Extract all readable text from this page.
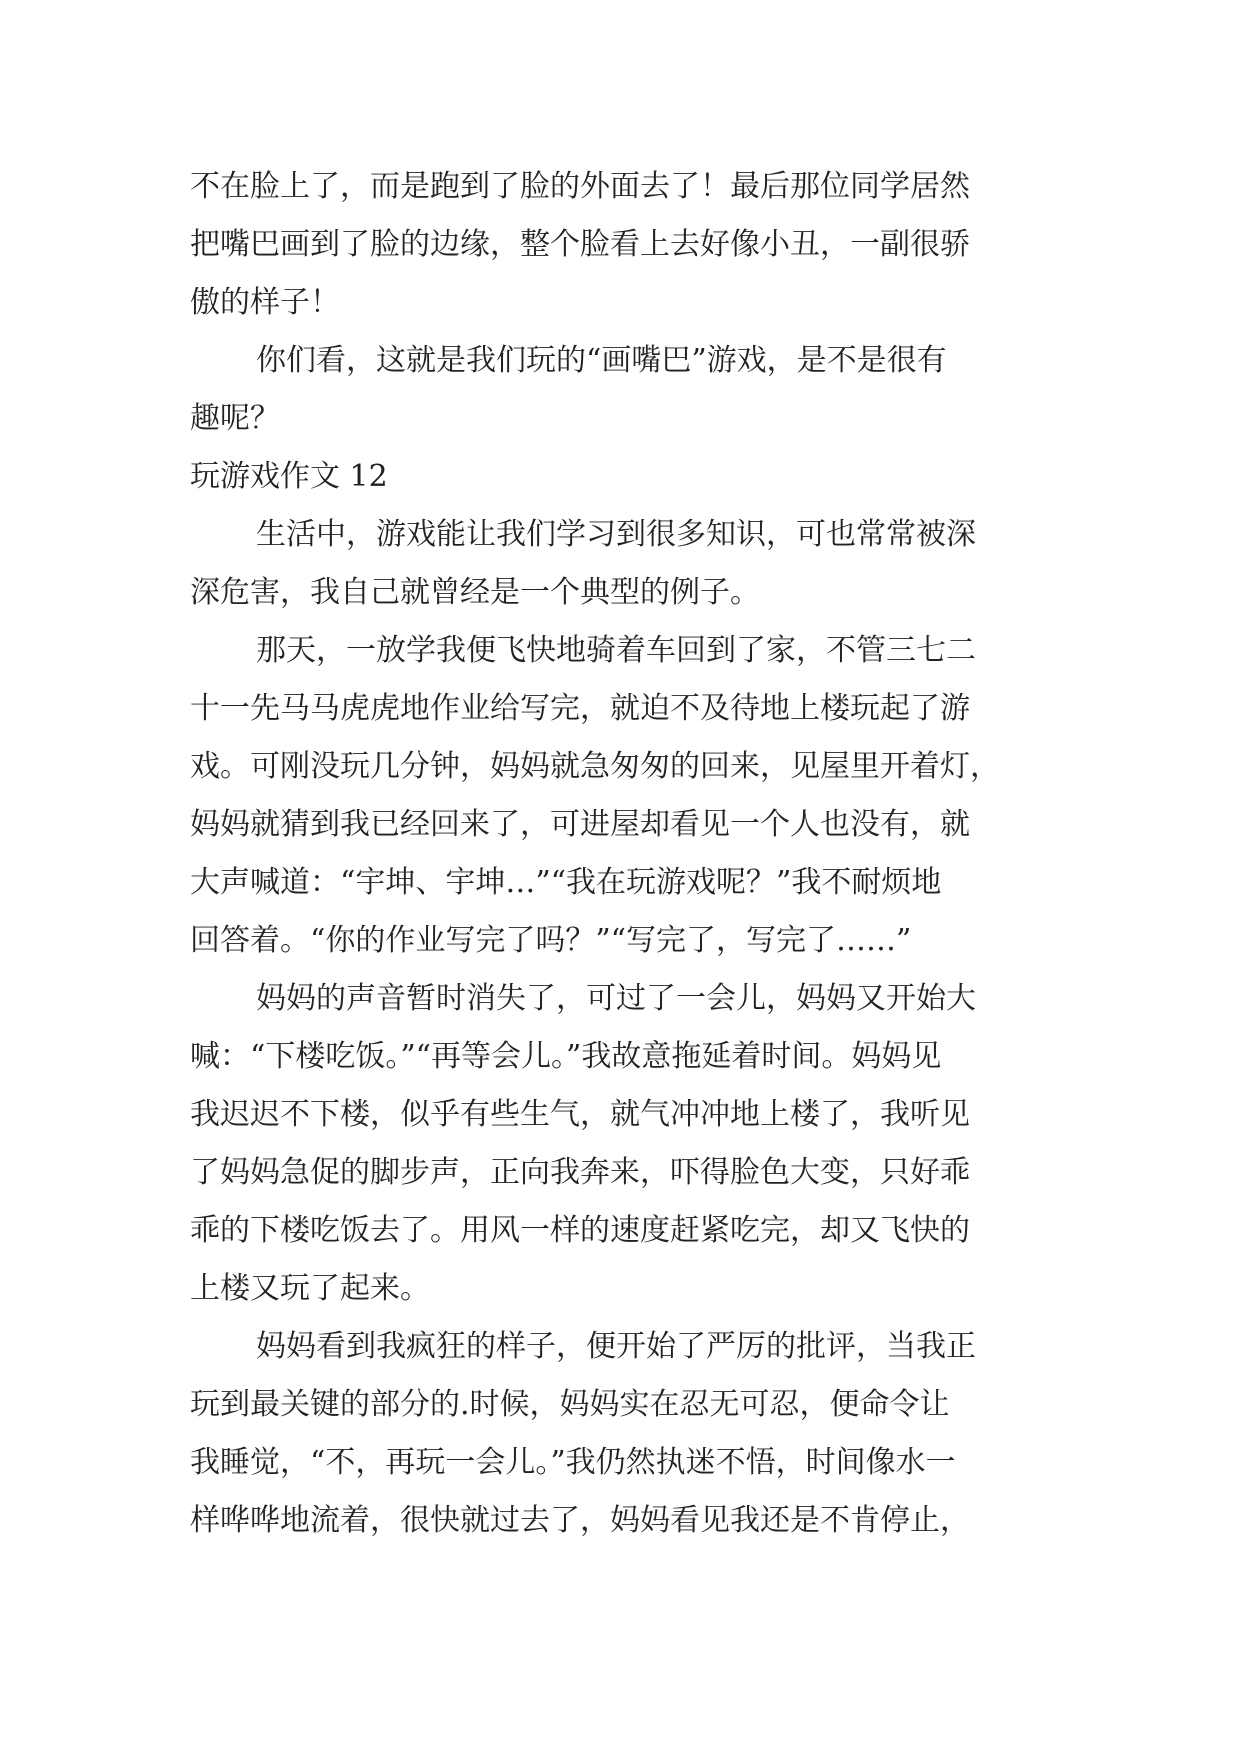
不在脸上了，而是跑到了脸的外面去了！最后那位同学居然
把嘴巴画到了脸的边缘，整个脸看上去好像小丑，一副很骄
傲的样子！
你们看，这就是我们玩的“画嘴巴”游戏，是不是很有
趣呢？
玩游戏作文 12
生活中，游戏能让我们学习到很多知识，可也常常被深
深危害，我自己就曾经是一个典型的例子。
那天，一放学我便飞快地骑着车回到了家，不管三七二
十一先马马虎虎地作业给写完，就迫不及待地上楼玩起了游
戏。可刚没玩几分钟，妈妈就急匆匆的回来，见屋里开着灯，
妈妈就猜到我已经回来了，可进屋却看见一个人也没有，就
大声喊道：“宇坤、宇坤…”“我在玩游戏呢？”我不耐烦地
回答着。“你的作业写完了吗？”“写完了，写完了……”
妈妈的声音暂时消失了，可过了一会儿，妈妈又开始大
喊：“下楼吃饭。”“再等会儿。”我故意拖延着时间。妈妈见
我迟迟不下楼，似乎有些生气，就气冲冲地上楼了，我听见
了妈妈急促的脚步声，正向我奔来，吓得脸色大变，只好乖
乖的下楼吃饭去了。用风一样的速度赶紧吃完，却又飞快的
上楼又玩了起来。
妈妈看到我疯狂的样子，便开始了严厉的批评，当我正
玩到最关键的部分的.时候，妈妈实在忍无可忍，便命令让
我睡觉，“不，再玩一会儿。”我仍然执迷不悟，时间像水一
样哗哗地流着，很快就过去了，妈妈看见我还是不肯停止，
